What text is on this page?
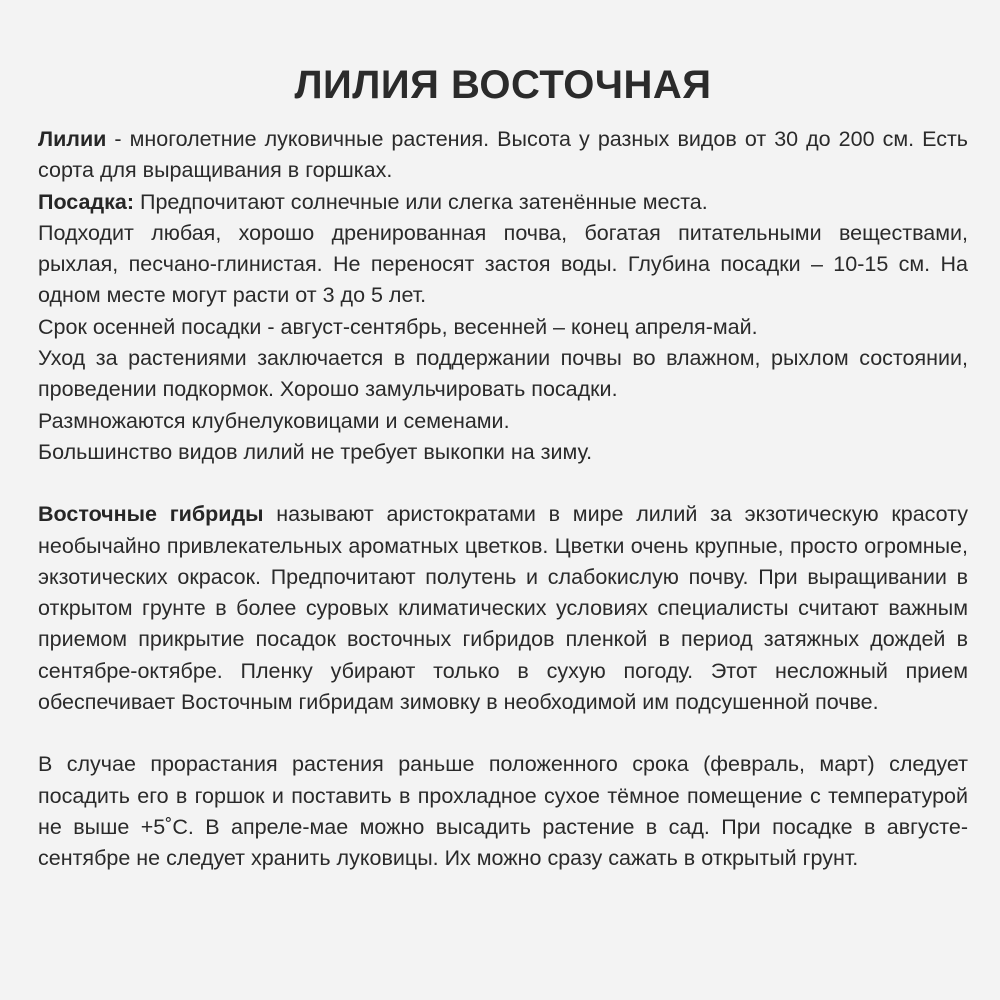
ЛИЛИЯ ВОСТОЧНАЯ

Лилии - многолетние луковичные растения. Высота у разных видов от 30 до 200 см. Есть сорта для выращивания в горшках.

Посадка: Предпочитают солнечные или слегка затенённые места.

Подходит любая, хорошо дренированная почва, богатая питательными веществами, рыхлая, песчано-глинистая. Не переносят застоя воды. Глубина посадки – 10-15 см. На одном месте могут расти от 3 до 5 лет.

Срок осенней посадки - август-сентябрь, весенней – конец апреля-май.

Уход за растениями заключается в поддержании почвы во влажном, рыхлом состоянии, проведении подкормок. Хорошо замульчировать посадки.

Размножаются клубнелуковицами и семенами.

Большинство видов лилий не требует выкопки на зиму.

Восточные гибриды называют аристократами в мире лилий за экзотическую красоту необычайно привлекательных ароматных цветков. Цветки очень крупные, просто огромные, экзотических окрасок. Предпочитают полутень и слабокислую почву. При выращивании в открытом грунте в более суровых климатических условиях специалисты считают важным приемом прикрытие посадок восточных гибридов пленкой в период затяжных дождей в сентябре-октябре. Пленку убирают только в сухую погоду. Этот несложный прием обеспечивает Восточным гибридам зимовку в необходимой им подсушенной почве.

В случае прорастания растения раньше положенного срока (февраль, март) следует посадить его в горшок и поставить в прохладное сухое тёмное помещение с температурой не выше +5˚С. В апреле-мае можно высадить растение в сад. При посадке в августе-сентябре не следует хранить луковицы. Их можно сразу сажать в открытый грунт.
